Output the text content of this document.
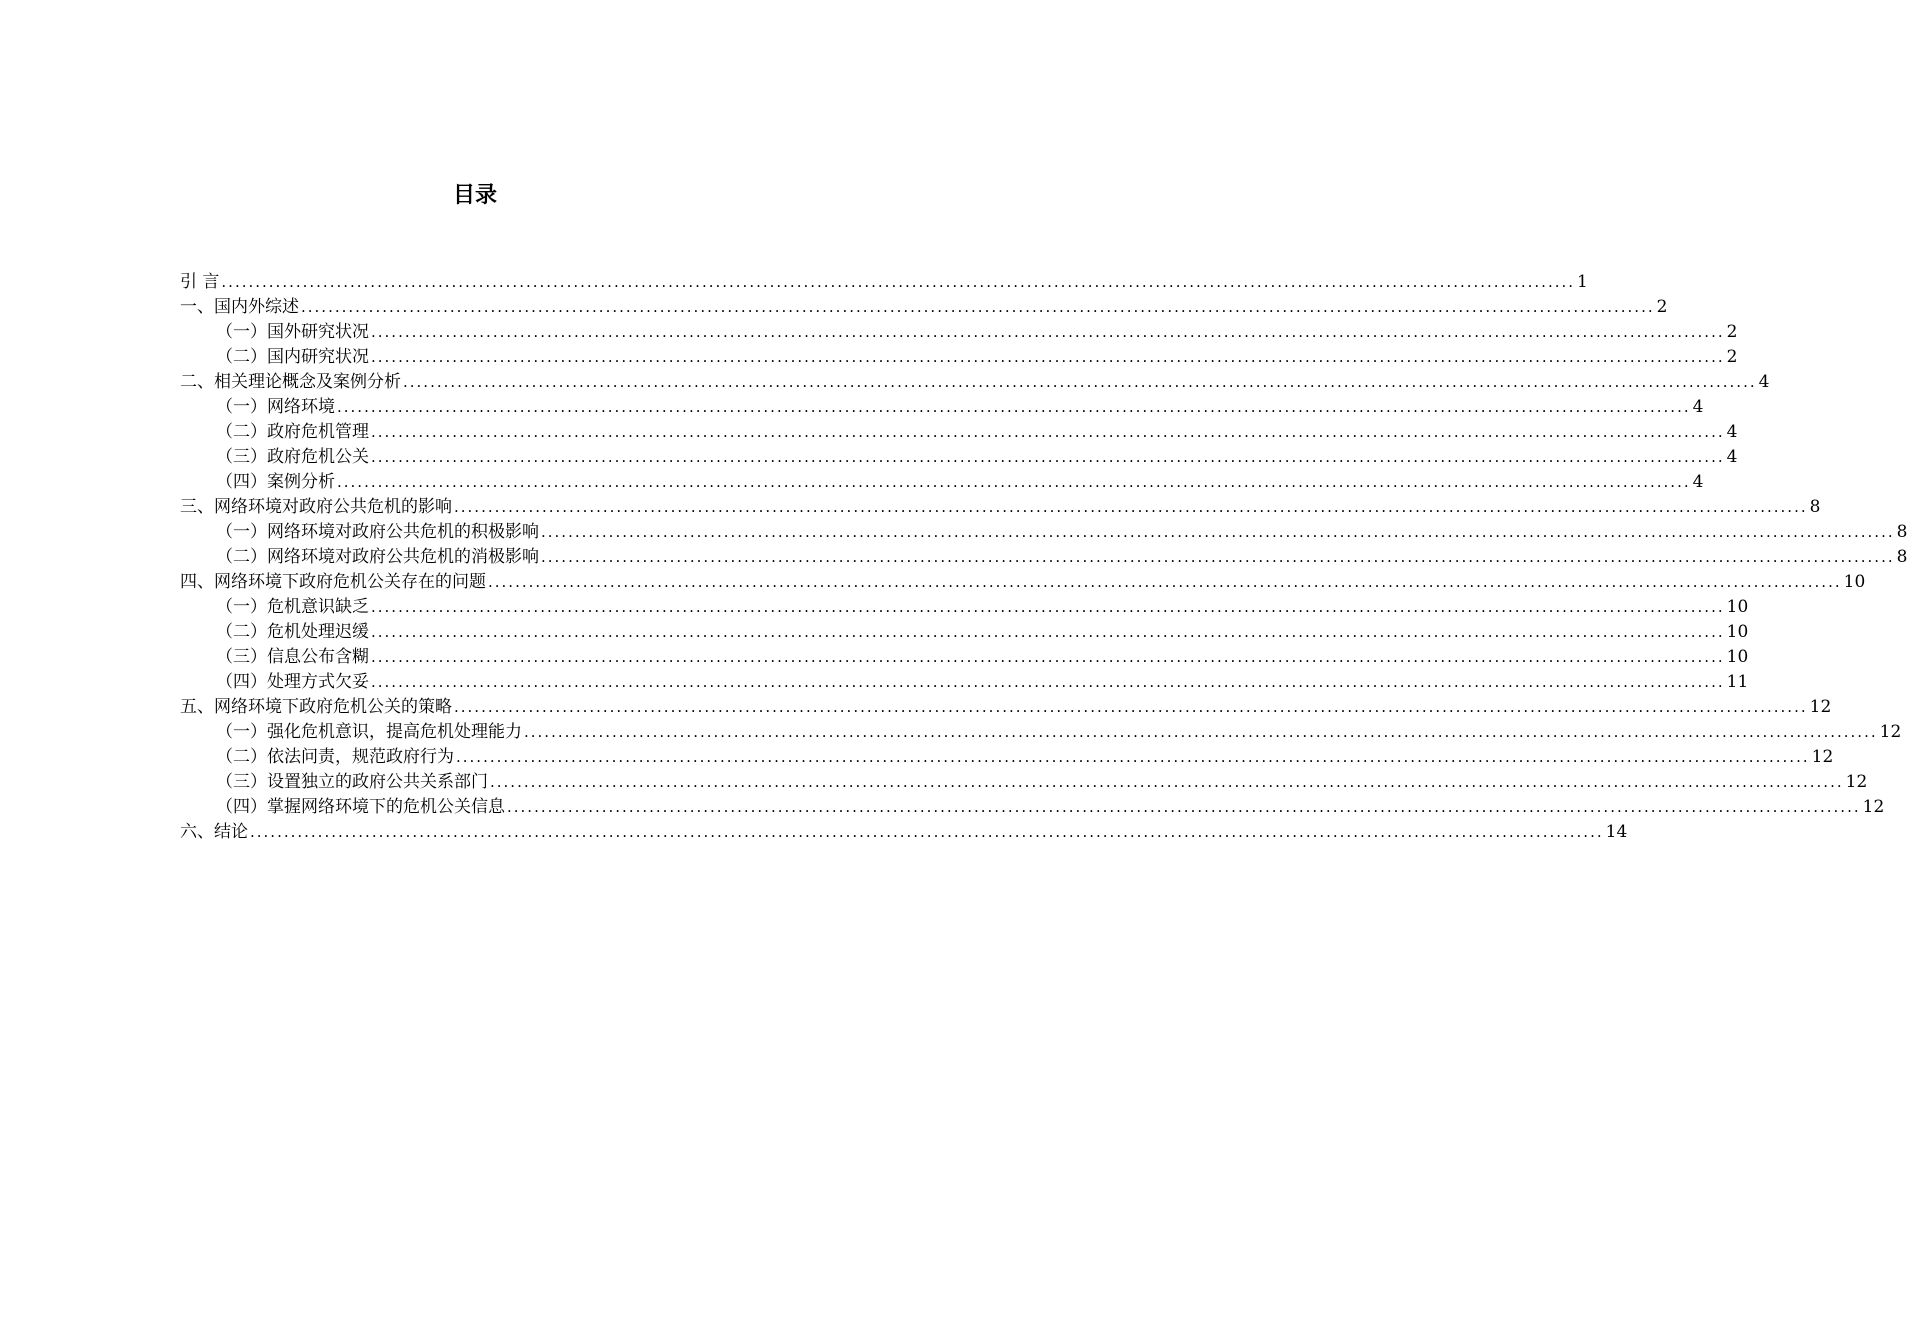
目录
引 言 ........................................................................................................................................................................................................ 1
一、国内外综述 ........................................................................................................................................................................................................ 2
（一）国外研究状况 ........................................................................................................................................................................................................ 2
（二）国内研究状况 ........................................................................................................................................................................................................ 2
二、相关理论概念及案例分析 ........................................................................................................................................................................................................ 4
（一）网络环境 ........................................................................................................................................................................................................ 4
（二）政府危机管理 ........................................................................................................................................................................................................ 4
（三）政府危机公关 ........................................................................................................................................................................................................ 4
（四）案例分析 ........................................................................................................................................................................................................ 4
三、网络环境对政府公共危机的影响 ........................................................................................................................................................................................................ 8
（一）网络环境对政府公共危机的积极影响 ........................................................................................................................................................................................................ 8
（二）网络环境对政府公共危机的消极影响 ........................................................................................................................................................................................................ 8
四、网络环境下政府危机公关存在的问题 ........................................................................................................................................................................................................ 10
（一）危机意识缺乏 ........................................................................................................................................................................................................ 10
（二）危机处理迟缓 ........................................................................................................................................................................................................ 10
（三）信息公布含糊 ........................................................................................................................................................................................................ 10
（四）处理方式欠妥 ........................................................................................................................................................................................................ 11
五、网络环境下政府危机公关的策略 ........................................................................................................................................................................................................ 12
（一）强化危机意识，提高危机处理能力 ........................................................................................................................................................................................................ 12
（二）依法问责，规范政府行为 ........................................................................................................................................................................................................ 12
（三）设置独立的政府公共关系部门 ........................................................................................................................................................................................................ 12
（四）掌握网络环境下的危机公关信息 ........................................................................................................................................................................................................ 12
六、结论 ........................................................................................................................................................................................................ 14
